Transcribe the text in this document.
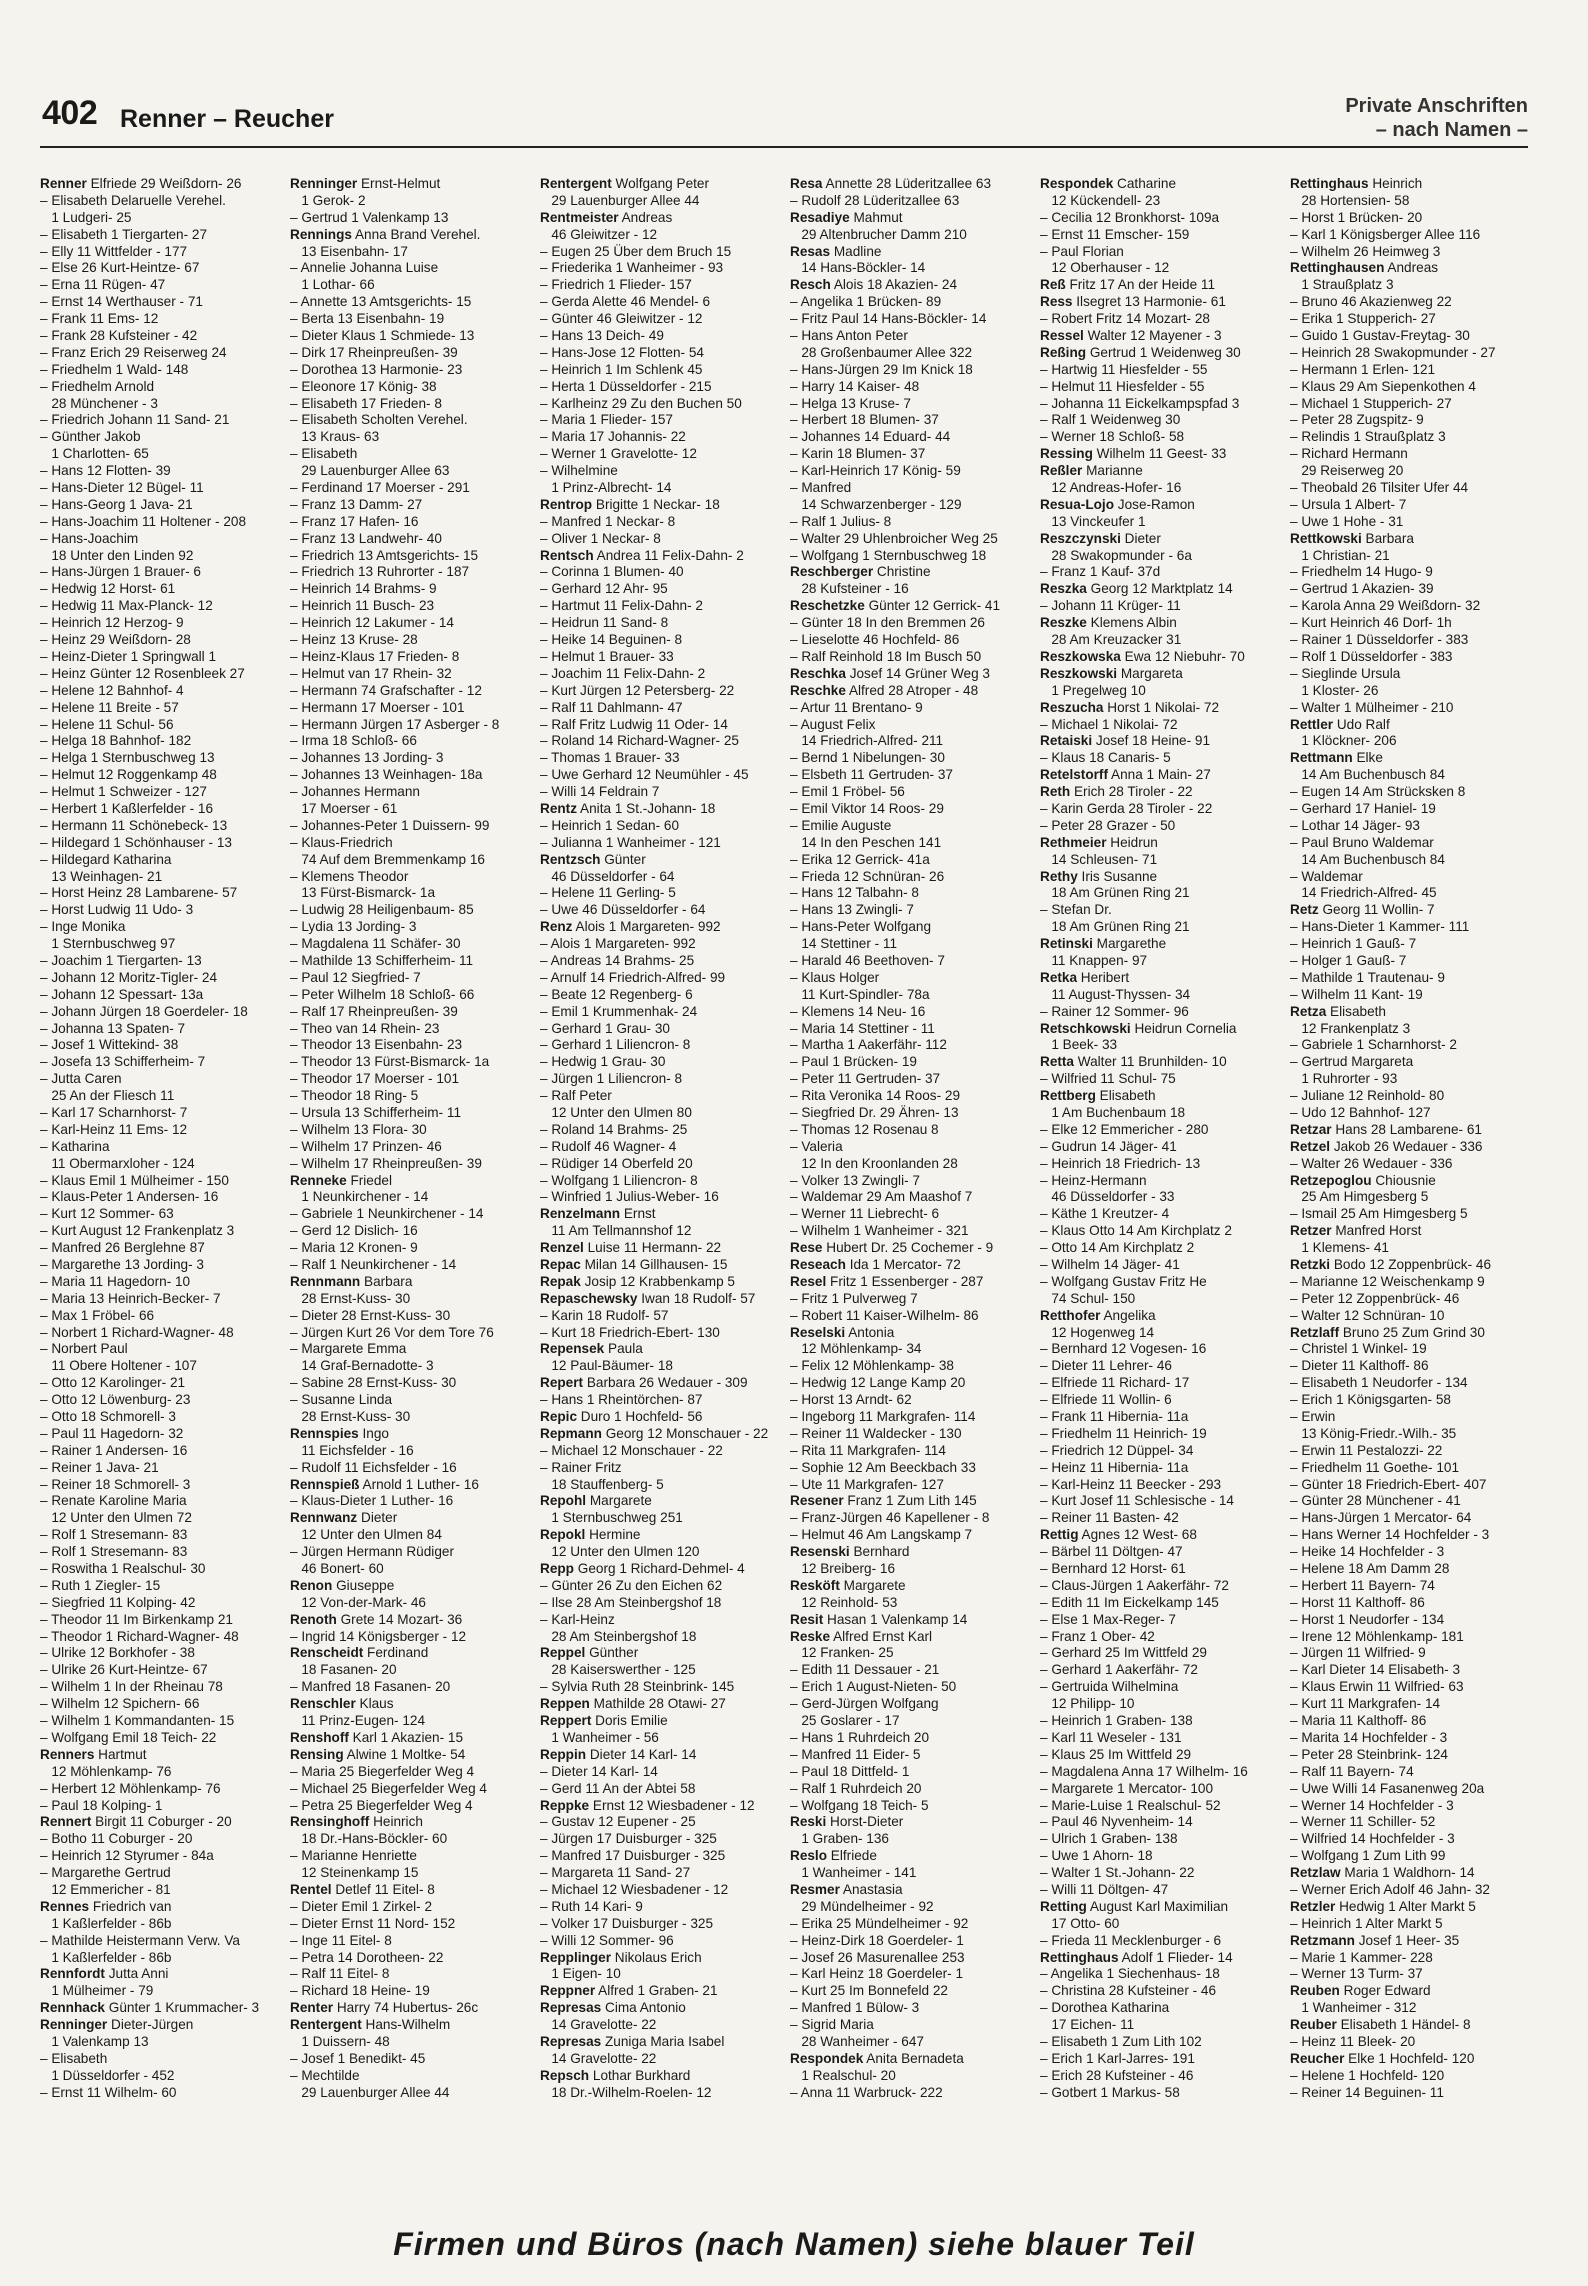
402 Renner – Reucher	Private Anschriften
– nach Namen –
Renner Elfriede 29 Weißdorn- 26
– Elisabeth Delaruelle Verehel.
1 Ludgeri- 25
– Elisabeth 1 Tiergarten- 27
– Elly 11 Wittfelder - 177
– Else 26 Kurt-Heintze- 67
– Erna 11 Rügen- 47
– Ernst 14 Werthauser - 71
– Frank 11 Ems- 12
– Frank 28 Kufsteiner - 42
– Franz Erich 29 Reiserweg 24
– Friedhelm 1 Wald- 148
– Friedhelm Arnold
28 Münchener - 3
– Friedrich Johann 11 Sand- 21
– Günther Jakob
1 Charlotten- 65
– Hans 12 Flotten- 39
– Hans-Dieter 12 Bügel- 11
– Hans-Georg 1 Java- 21
– Hans-Joachim 11 Holtener - 208
– Hans-Joachim
18 Unter den Linden 92
– Hans-Jürgen 1 Brauer- 6
– Hedwig 12 Horst- 61
– Hedwig 11 Max-Planck- 12
– Heinrich 12 Herzog- 9
– Heinz 29 Weißdorn- 28
– Heinz-Dieter 1 Springwall 1
– Heinz Günter 12 Rosenbleek 27
– Helene 12 Bahnhof- 4
– Helene 11 Breite - 57
– Helene 11 Schul- 56
– Helga 18 Bahnhof- 182
– Helga 1 Sternbuschweg 13
– Helmut 12 Roggenkamp 48
– Helmut 1 Schweizer - 127
– Herbert 1 Kaßlerfelder - 16
– Hermann 11 Schönebeck- 13
– Hildegard 1 Schönhauser - 13
– Hildegard Katharina
13 Weinhagen- 21
– Horst Heinz 28 Lambarene- 57
– Horst Ludwig 11 Udo- 3
– Inge Monika
1 Sternbuschweg 97
– Joachim 1 Tiergarten- 13
– Johann 12 Moritz-Tigler- 24
– Johann 12 Spessart- 13a
– Johann Jürgen 18 Goerdeler- 18
– Johanna 13 Spaten- 7
– Josef 1 Wittekind- 38
– Josefa 13 Schifferheim- 7
– Jutta Caren
25 An der Fliesch 11
– Karl 17 Scharnhorst- 7
– Karl-Heinz 11 Ems- 12
– Katharina
11 Obermarxloher - 124
– Klaus Emil 1 Mülheimer - 150
– Klaus-Peter 1 Andersen- 16
– Kurt 12 Sommer- 63
– Kurt August 12 Frankenplatz 3
– Manfred 26 Berglehne 87
– Margarethe 13 Jording- 3
– Maria 11 Hagedorn- 10
– Maria 13 Heinrich-Becker- 7
– Max 1 Fröbel- 66
– Norbert 1 Richard-Wagner- 48
– Norbert Paul
11 Obere Holtener - 107
– Otto 12 Karolinger- 21
– Otto 12 Löwenburg- 23
– Otto 18 Schmorell- 3
– Paul 11 Hagedorn- 32
– Rainer 1 Andersen- 16
– Reiner 1 Java- 21
– Reiner 18 Schmorell- 3
– Renate Karoline Maria
12 Unter den Ulmen 72
– Rolf 1 Stresemann- 83
– Rolf 1 Stresemann- 83
– Roswitha 1 Realschul- 30
– Ruth 1 Ziegler- 15
– Siegfried 11 Kolping- 42
– Theodor 11 Im Birkenkamp 21
– Theodor 1 Richard-Wagner- 48
– Ulrike 12 Borkhofer - 38
– Ulrike 26 Kurt-Heintze- 67
– Wilhelm 1 In der Rheinau 78
– Wilhelm 12 Spichern- 66
– Wilhelm 1 Kommandanten- 15
– Wolfgang Emil 18 Teich- 22
Renners Hartmut
12 Möhlenkamp- 76
– Herbert 12 Möhlenkamp- 76
– Paul 18 Kolping- 1
Rennert Birgit 11 Coburger - 20
– Botho 11 Coburger - 20
– Heinrich 12 Styrumer - 84a
– Margarethe Gertrud
12 Emmericher - 81
Rennes Friedrich van
1 Kaßlerfelder - 86b
– Mathilde Heistermann Verw. Va
1 Kaßlerfelder - 86b
Rennfordt Jutta Anni
1 Mülheimer - 79
Rennhack Günter 1 Krummacher- 3
Renninger Dieter-Jürgen
1 Valenkamp 13
– Elisabeth
1 Düsseldorfer - 452
– Ernst 11 Wilhelm- 60
Renninger Ernst-Helmut
1 Gerok- 2
– Gertrud 1 Valenkamp 13
Rennings Anna Brand Verehel.
13 Eisenbahn- 17
– Annelie Johanna Luise
1 Lothar- 66
– Annette 13 Amtsgerichts- 15
– Berta 13 Eisenbahn- 19
– Dieter Klaus 1 Schmiede- 13
– Dirk 17 Rheinpreußen- 39
– Dorothea 13 Harmonie- 23
– Eleonore 17 König- 38
– Elisabeth 17 Frieden- 8
– Elisabeth Scholten Verehel.
13 Kraus- 63
– Elisabeth
29 Lauenburger Allee 63
– Ferdinand 17 Moerser - 291
– Franz 13 Damm- 27
– Franz 17 Hafen- 16
– Franz 13 Landwehr- 40
– Friedrich 13 Amtsgerichts- 15
– Friedrich 13 Ruhrorter - 187
– Heinrich 14 Brahms- 9
– Heinrich 11 Busch- 23
– Heinrich 12 Lakumer - 14
– Heinz 13 Kruse- 28
– Heinz-Klaus 17 Frieden- 8
– Helmut van 17 Rhein- 32
– Hermann 74 Grafschafter - 12
– Hermann 17 Moerser - 101
– Hermann Jürgen 17 Asberger - 8
– Irma 18 Schloß- 66
– Johannes 13 Jording- 3
– Johannes 13 Weinhagen- 18a
– Johannes Hermann
17 Moerser - 61
– Johannes-Peter 1 Duissern- 99
– Klaus-Friedrich
74 Auf dem Bremmenkamp 16
– Klemens Theodor
13 Fürst-Bismarck- 1a
– Ludwig 28 Heiligenbaum- 85
– Lydia 13 Jording- 3
– Magdalena 11 Schäfer- 30
– Mathilde 13 Schifferheim- 11
– Paul 12 Siegfried- 7
– Peter Wilhelm 18 Schloß- 66
– Ralf 17 Rheinpreußen- 39
– Theo van 14 Rhein- 23
– Theodor 13 Eisenbahn- 23
– Theodor 13 Fürst-Bismarck- 1a
– Theodor 17 Moerser - 101
– Theodor 18 Ring- 5
– Ursula 13 Schifferheim- 11
– Wilhelm 13 Flora- 30
– Wilhelm 17 Prinzen- 46
– Wilhelm 17 Rheinpreußen- 39
Renneke Friedel
1 Neunkirchener - 14
– Gabriele 1 Neunkirchener - 14
– Gerd 12 Dislich- 16
– Maria 12 Kronen- 9
– Ralf 1 Neunkirchener - 14
Rennmann Barbara
28 Ernst-Kuss- 30
– Dieter 28 Ernst-Kuss- 30
– Jürgen Kurt 26 Vor dem Tore 76
– Margarete Emma
14 Graf-Bernadotte- 3
– Sabine 28 Ernst-Kuss- 30
– Susanne Linda
28 Ernst-Kuss- 30
Rennspies Ingo
11 Eichsfelder - 16
– Rudolf 11 Eichsfelder - 16
Rennspieß Arnold 1 Luther- 16
– Klaus-Dieter 1 Luther- 16
Rennwanz Dieter
12 Unter den Ulmen 84
– Jürgen Hermann Rüdiger
46 Bonert- 60
Renon Giuseppe
12 Von-der-Mark- 46
Renoth Grete 14 Mozart- 36
– Ingrid 14 Königsberger - 12
Renscheidt Ferdinand
18 Fasanen- 20
– Manfred 18 Fasanen- 20
Renschler Klaus
11 Prinz-Eugen- 124
Renshoff Karl 1 Akazien- 15
Rensing Alwine 1 Moltke- 54
– Maria 25 Biegerfelder Weg 4
– Michael 25 Biegerfelder Weg 4
– Petra 25 Biegerfelder Weg 4
Rensinghoff Heinrich
18 Dr.-Hans-Böckler- 60
– Marianne Henriette
12 Steinenkamp 15
Rentel Detlef 11 Eitel- 8
– Dieter Emil 1 Zirkel- 2
– Dieter Ernst 11 Nord- 152
– Inge 11 Eitel- 8
– Petra 14 Dorotheen- 22
– Ralf 11 Eitel- 8
– Richard 18 Heine- 19
Renter Harry 74 Hubertus- 26c
Rentergent Hans-Wilhelm
1 Duissern- 48
– Josef 1 Benedikt- 45
– Mechtilde
29 Lauenburger Allee 44
Rentergent Wolfgang Peter
29 Lauenburger Allee 44
Rentmeister Andreas
46 Gleiwitzer - 12
– Eugen 25 Über dem Bruch 15
– Friederika 1 Wanheimer - 93
– Friedrich 1 Flieder- 157
– Gerda Alette 46 Mendel- 6
– Günter 46 Gleiwitzer - 12
– Hans 13 Deich- 49
– Hans-Jose 12 Flotten- 54
– Heinrich 1 Im Schlenk 45
– Herta 1 Düsseldorfer - 215
– Karlheinz 29 Zu den Buchen 50
– Maria 1 Flieder- 157
– Maria 17 Johannis- 22
– Werner 1 Gravelotte- 12
– Wilhelmine
1 Prinz-Albrecht- 14
Rentrop Brigitte 1 Neckar- 18
– Manfred 1 Neckar- 8
– Oliver 1 Neckar- 8
Rentsch Andrea 11 Felix-Dahn- 2
– Corinna 1 Blumen- 40
– Gerhard 12 Ahr- 95
– Hartmut 11 Felix-Dahn- 2
– Heidrun 11 Sand- 8
– Heike 14 Beguinen- 8
– Helmut 1 Brauer- 33
– Joachim 11 Felix-Dahn- 2
– Kurt Jürgen 12 Petersberg- 22
– Ralf 11 Dahlmann- 47
– Ralf Fritz Ludwig 11 Oder- 14
– Roland 14 Richard-Wagner- 25
– Thomas 1 Brauer- 33
– Uwe Gerhard 12 Neumühler - 45
– Willi 14 Feldrain 7
Rentz Anita 1 St.-Johann- 18
– Heinrich 1 Sedan- 60
– Julianna 1 Wanheimer - 121
Rentzsch Günter
46 Düsseldorfer - 64
– Helene 11 Gerling- 5
– Uwe 46 Düsseldorfer - 64
Renz Alois 1 Margareten- 992
– Alois 1 Margareten- 992
– Andreas 14 Brahms- 25
– Arnulf 14 Friedrich-Alfred- 99
– Beate 12 Regenberg- 6
– Emil 1 Krummenhak- 24
– Gerhard 1 Grau- 30
– Gerhard 1 Liliencron- 8
– Hedwig 1 Grau- 30
– Jürgen 1 Liliencron- 8
– Ralf Peter
12 Unter den Ulmen 80
– Roland 14 Brahms- 25
– Rudolf 46 Wagner- 4
– Rüdiger 14 Oberfeld 20
– Wolfgang 1 Liliencron- 8
– Winfried 1 Julius-Weber- 16
Renzelmann Ernst
11 Am Tellmannshof 12
Renzel Luise 11 Hermann- 22
Repac Milan 14 Gillhausen- 15
Repak Josip 12 Krabbenkamp 5
Repaschewsky Iwan 18 Rudolf- 57
– Karin 18 Rudolf- 57
– Kurt 18 Friedrich-Ebert- 130
Repensek Paula
12 Paul-Bäumer- 18
Repert Barbara 26 Wedauer - 309
– Hans 1 Rheintörchen- 87
Repic Duro 1 Hochfeld- 56
Repmann Georg 12 Monschauer - 22
– Michael 12 Monschauer - 22
– Rainer Fritz
18 Stauffenberg- 5
Repohl Margarete
1 Sternbuschweg 251
Repokl Hermine
12 Unter den Ulmen 120
Repp Georg 1 Richard-Dehmel- 4
– Günter 26 Zu den Eichen 62
– Ilse 28 Am Steinbergshof 18
– Karl-Heinz
28 Am Steinbergshof 18
Reppel Günther
28 Kaiserswerther - 125
– Sylvia Ruth 28 Steinbrink- 145
Reppen Mathilde 28 Otawi- 27
Reppert Doris Emilie
1 Wanheimer - 56
Reppin Dieter 14 Karl- 14
– Dieter 14 Karl- 14
– Gerd 11 An der Abtei 58
Reppke Ernst 12 Wiesbadener - 12
– Gustav 12 Eupener - 25
– Jürgen 17 Duisburger - 325
– Manfred 17 Duisburger - 325
– Margareta 11 Sand- 27
– Michael 12 Wiesbadener - 12
– Ruth 14 Kari- 9
– Volker 17 Duisburger - 325
– Willi 12 Sommer- 96
Repplinger Nikolaus Erich
1 Eigen- 10
Reppner Alfred 1 Graben- 21
Represas Cima Antonio
14 Gravelotte- 22
Represas Zuniga Maria Isabel
14 Gravelotte- 22
Repsch Lothar Burkhard
18 Dr.-Wilhelm-Roelen- 12
Resa Annette 28 Lüderitzallee 63
– Rudolf 28 Lüderitzallee 63
Resadiye Mahmut
29 Altenbrucher Damm 210
Resas Madline
14 Hans-Böckler- 14
Resch Alois 18 Akazien- 24
– Angelika 1 Brücken- 89
– Fritz Paul 14 Hans-Böckler- 14
– Hans Anton Peter
28 Großenbaumer Allee 322
– Hans-Jürgen 29 Im Knick 18
– Harry 14 Kaiser- 48
– Helga 13 Kruse- 7
– Herbert 18 Blumen- 37
– Johannes 14 Eduard- 44
– Karin 18 Blumen- 37
– Karl-Heinrich 17 König- 59
– Manfred
14 Schwarzenberger - 129
– Ralf 1 Julius- 8
– Walter 29 Uhlenbroicher Weg 25
– Wolfgang 1 Sternbuschweg 18
Reschberger Christine
28 Kufsteiner - 16
Reschetzke Günter 12 Gerrick- 41
– Günter 18 In den Bremmen 26
– Lieselotte 46 Hochfeld- 86
– Ralf Reinhold 18 Im Busch 50
Reschka Josef 14 Grüner Weg 3
Reschke Alfred 28 Atroper - 48
– Artur 11 Brentano- 9
– August Felix
14 Friedrich-Alfred- 211
– Bernd 1 Nibelungen- 30
– Elsbeth 11 Gertruden- 37
– Emil 1 Fröbel- 56
– Emil Viktor 14 Roos- 29
– Emilie Auguste
14 In den Peschen 141
– Erika 12 Gerrick- 41a
– Frieda 12 Schnüran- 26
– Hans 12 Talbahn- 8
– Hans 13 Zwingli- 7
– Hans-Peter Wolfgang
14 Stettiner - 11
– Harald 46 Beethoven- 7
– Klaus Holger
11 Kurt-Spindler- 78a
– Klemens 14 Neu- 16
– Maria 14 Stettiner - 11
– Martha 1 Aakerfähr- 112
– Paul 1 Brücken- 19
– Peter 11 Gertruden- 37
– Rita Veronika 14 Roos- 29
– Siegfried Dr. 29 Ähren- 13
– Thomas 12 Rosenau 8
– Valeria
12 In den Kroonlanden 28
– Volker 13 Zwingli- 7
– Waldemar 29 Am Maashof 7
– Werner 11 Liebrecht- 6
– Wilhelm 1 Wanheimer - 321
Rese Hubert Dr. 25 Cochemer - 9
Reseach Ida 1 Mercator- 72
Resel Fritz 1 Essenberger - 287
– Fritz 1 Pulverweg 7
– Robert 11 Kaiser-Wilhelm- 86
Reselski Antonia
12 Möhlenkamp- 34
– Felix 12 Möhlenkamp- 38
– Hedwig 12 Lange Kamp 20
– Horst 13 Arndt- 62
– Ingeborg 11 Markgrafen- 114
– Reiner 11 Waldecker - 130
– Rita 11 Markgrafen- 114
– Sophie 12 Am Beeckbach 33
– Ute 11 Markgrafen- 127
Resener Franz 1 Zum Lith 145
– Franz-Jürgen 46 Kapellener - 8
– Helmut 46 Am Langskamp 7
Resenski Bernhard
12 Breiberg- 16
Resköft Margarete
12 Reinhold- 53
Resit Hasan 1 Valenkamp 14
Reske Alfred Ernst Karl
12 Franken- 25
– Edith 11 Dessauer - 21
– Erich 1 August-Nieten- 50
– Gerd-Jürgen Wolfgang
25 Goslarer - 17
– Hans 1 Ruhrdeich 20
– Manfred 11 Eider- 5
– Paul 18 Dittfeld- 1
– Ralf 1 Ruhrdeich 20
– Wolfgang 18 Teich- 5
Reski Horst-Dieter
1 Graben- 136
Reslo Elfriede
1 Wanheimer - 141
Resmer Anastasia
29 Mündelheimer - 92
– Erika 25 Mündelheimer - 92
– Heinz-Dirk 18 Goerdeler- 1
– Josef 26 Masurenallee 253
– Karl Heinz 18 Goerdeler- 1
– Kurt 25 Im Bonnefeld 22
– Manfred 1 Bülow- 3
– Sigrid Maria
28 Wanheimer - 647
Respondek Anita Bernadeta
1 Realschul- 20
– Anna 11 Warbruck- 222
Respondek Catharine
12 Kückendell- 23
– Cecilia 12 Bronkhorst- 109a
– Ernst 11 Emscher- 159
– Paul Florian
12 Oberhauser - 12
Reß Fritz 17 An der Heide 11
Ress Ilsegret 13 Harmonie- 61
– Robert Fritz 14 Mozart- 28
Ressel Walter 12 Mayener - 3
Reßing Gertrud 1 Weidenweg 30
– Hartwig 11 Hiesfelder - 55
– Helmut 11 Hiesfelder - 55
– Johanna 11 Eickelkampspfad 3
– Ralf 1 Weidenweg 30
– Werner 18 Schloß- 58
Ressing Wilhelm 11 Geest- 33
Reßler Marianne
12 Andreas-Hofer- 16
Resua-Lojo Jose-Ramon
13 Vinckeufer 1
Reszczynski Dieter
28 Swakopmunder - 6a
– Franz 1 Kauf- 37d
Reszka Georg 12 Marktplatz 14
– Johann 11 Krüger- 11
Reszke Klemens Albin
28 Am Kreuzacker 31
Reszkowska Ewa 12 Niebuhr- 70
Reszkowski Margareta
1 Pregelweg 10
Reszucha Horst 1 Nikolai- 72
– Michael 1 Nikolai- 72
Retaiski Josef 18 Heine- 91
– Klaus 18 Canaris- 5
Retelstorff Anna 1 Main- 27
Reth Erich 28 Tiroler - 22
– Karin Gerda 28 Tiroler - 22
– Peter 28 Grazer - 50
Rethmeier Heidrun
14 Schleusen- 71
Rethy Iris Susanne
18 Am Grünen Ring 21
– Stefan Dr.
18 Am Grünen Ring 21
Retinski Margarethe
11 Knappen- 97
Retka Heribert
11 August-Thyssen- 34
– Rainer 12 Sommer- 96
Retschkowski Heidrun Cornelia
1 Beek- 33
Retta Walter 11 Brunhilden- 10
– Wilfried 11 Schul- 75
Rettberg Elisabeth
1 Am Buchenbaum 18
– Elke 12 Emmericher - 280
– Gudrun 14 Jäger- 41
– Heinrich 18 Friedrich- 13
– Heinz-Hermann
46 Düsseldorfer - 33
– Käthe 1 Kreutzer- 4
– Klaus Otto 14 Am Kirchplatz 2
– Otto 14 Am Kirchplatz 2
– Wilhelm 14 Jäger- 41
– Wolfgang Gustav Fritz He
74 Schul- 150
Retthofer Angelika
12 Hogenweg 14
– Bernhard 12 Vogesen- 16
– Dieter 11 Lehrer- 46
– Elfriede 11 Richard- 17
– Elfriede 11 Wollin- 6
– Frank 11 Hibernia- 11a
– Friedhelm 11 Heinrich- 19
– Friedrich 12 Düppel- 34
– Heinz 11 Hibernia- 11a
– Karl-Heinz 11 Beecker - 293
– Kurt Josef 11 Schlesische - 14
– Reiner 11 Basten- 42
Rettig Agnes 12 West- 68
– Bärbel 11 Döltgen- 47
– Bernhard 12 Horst- 61
– Claus-Jürgen 1 Aakerfähr- 72
– Edith 11 Im Eickelkamp 145
– Else 1 Max-Reger- 7
– Franz 1 Ober- 42
– Gerhard 25 Im Wittfeld 29
– Gerhard 1 Aakerfähr- 72
– Gertruida Wilhelmina
12 Philipp- 10
– Heinrich 1 Graben- 138
– Karl 11 Weseler - 131
– Klaus 25 Im Wittfeld 29
– Magdalena Anna 17 Wilhelm- 16
– Margarete 1 Mercator- 100
– Marie-Luise 1 Realschul- 52
– Paul 46 Nyvenheim- 14
– Ulrich 1 Graben- 138
– Uwe 1 Ahorn- 18
– Walter 1 St.-Johann- 22
– Willi 11 Döltgen- 47
Retting August Karl Maximilian
17 Otto- 60
– Frieda 11 Mecklenburger - 6
Rettinghaus Adolf 1 Flieder- 14
– Angelika 1 Siechenhaus- 18
– Christina 28 Kufsteiner - 46
– Dorothea Katharina
17 Eichen- 11
– Elisabeth 1 Zum Lith 102
– Erich 1 Karl-Jarres- 191
– Erich 28 Kufsteiner - 46
– Gotbert 1 Markus- 58
Rettinghaus Heinrich
28 Hortensien- 58
– Horst 1 Brücken- 20
– Karl 1 Königsberger Allee 116
– Wilhelm 26 Heimweg 3
Rettinghausen Andreas
1 Straußplatz 3
– Bruno 46 Akazienweg 22
– Erika 1 Stupperich- 27
– Guido 1 Gustav-Freytag- 30
– Heinrich 28 Swakopmunder - 27
– Hermann 1 Erlen- 121
– Klaus 29 Am Siepenkothen 4
– Michael 1 Stupperich- 27
– Peter 28 Zugspitz- 9
– Relindis 1 Straußplatz 3
– Richard Hermann
29 Reiserweg 20
– Theobald 26 Tilsiter Ufer 44
– Ursula 1 Albert- 7
– Uwe 1 Hohe - 31
Rettkowski Barbara
1 Christian- 21
– Friedhelm 14 Hugo- 9
– Gertrud 1 Akazien- 39
– Karola Anna 29 Weißdorn- 32
– Kurt Heinrich 46 Dorf- 1h
– Rainer 1 Düsseldorfer - 383
– Rolf 1 Düsseldorfer - 383
– Sieglinde Ursula
1 Kloster- 26
– Walter 1 Mülheimer - 210
Rettler Udo Ralf
1 Klöckner- 206
Rettmann Elke
14 Am Buchenbusch 84
– Eugen 14 Am Strücksken 8
– Gerhard 17 Haniel- 19
– Lothar 14 Jäger- 93
– Paul Bruno Waldemar
14 Am Buchenbusch 84
– Waldemar
14 Friedrich-Alfred- 45
Retz Georg 11 Wollin- 7
– Hans-Dieter 1 Kammer- 111
– Heinrich 1 Gauß- 7
– Holger 1 Gauß- 7
– Mathilde 1 Trautenau- 9
– Wilhelm 11 Kant- 19
Retza Elisabeth
12 Frankenplatz 3
– Gabriele 1 Scharnhorst- 2
– Gertrud Margareta
1 Ruhrorter - 93
– Juliane 12 Reinhold- 80
– Udo 12 Bahnhof- 127
Retzar Hans 28 Lambarene- 61
Retzel Jakob 26 Wedauer - 336
– Walter 26 Wedauer - 336
Retzepoglou Chiousnie
25 Am Himgesberg 5
– Ismail 25 Am Himgesberg 5
Retzer Manfred Horst
1 Klemens- 41
Retzki Bodo 12 Zoppenbrück- 46
– Marianne 12 Weischenkamp 9
– Peter 12 Zoppenbrück- 46
– Walter 12 Schnüran- 10
Retzlaff Bruno 25 Zum Grind 30
– Christel 1 Winkel- 19
– Dieter 11 Kalthoff- 86
– Elisabeth 1 Neudorfer - 134
– Erich 1 Königsgarten- 58
– Erwin
13 König-Friedr.-Wilh.- 35
– Erwin 11 Pestalozzi- 22
– Friedhelm 11 Goethe- 101
– Günter 18 Friedrich-Ebert- 407
– Günter 28 Münchener - 41
– Hans-Jürgen 1 Mercator- 64
– Hans Werner 14 Hochfelder - 3
– Heike 14 Hochfelder - 3
– Helene 18 Am Damm 28
– Herbert 11 Bayern- 74
– Horst 11 Kalthoff- 86
– Horst 1 Neudorfer - 134
– Irene 12 Möhlenkamp- 181
– Jürgen 11 Wilfried- 9
– Karl Dieter 14 Elisabeth- 3
– Klaus Erwin 11 Wilfried- 63
– Kurt 11 Markgrafen- 14
– Maria 11 Kalthoff- 86
– Marita 14 Hochfelder - 3
– Peter 28 Steinbrink- 124
– Ralf 11 Bayern- 74
– Uwe Willi 14 Fasanenweg 20a
– Werner 14 Hochfelder - 3
– Werner 11 Schiller- 52
– Wilfried 14 Hochfelder - 3
– Wolfgang 1 Zum Lith 99
Retzlaw Maria 1 Waldhorn- 14
– Werner Erich Adolf 46 Jahn- 32
Retzler Hedwig 1 Alter Markt 5
– Heinrich 1 Alter Markt 5
Retzmann Josef 1 Heer- 35
– Marie 1 Kammer- 228
– Werner 13 Turm- 37
Reuben Roger Edward
1 Wanheimer - 312
Reuber Elisabeth 1 Händel- 8
– Heinz 11 Bleek- 20
Reucher Elke 1 Hochfeld- 120
– Helene 1 Hochfeld- 120
– Reiner 14 Beguinen- 11
Firmen und Büros (nach Namen) siehe blauer Teil
